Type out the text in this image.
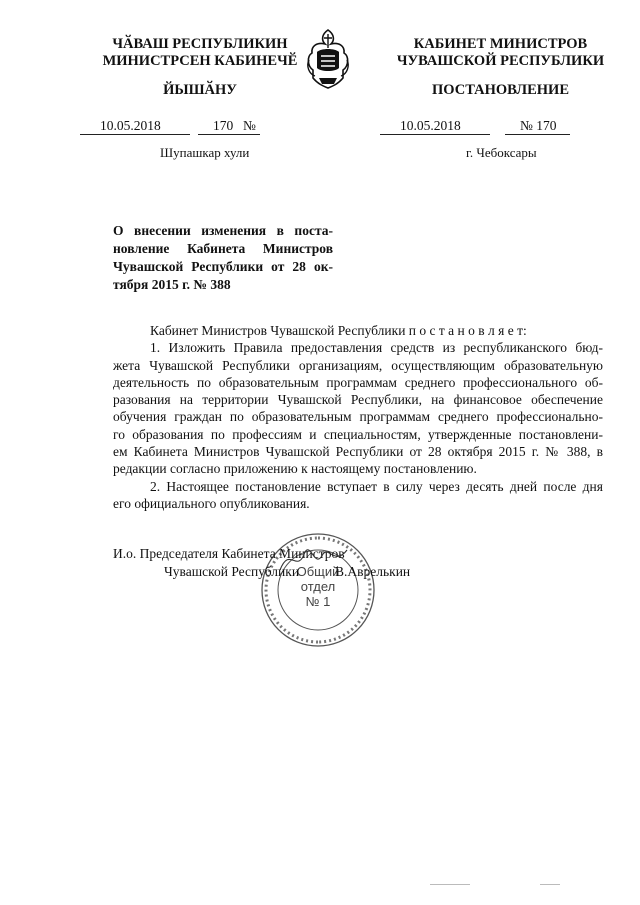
ЧӐВАШ РЕСПУБЛИКИН
МИНИСТРСЕН КАБИНЕЧӖ
ЙЫШӐНУ
КАБИНЕТ МИНИСТРОВ
ЧУВАШСКОЙ РЕСПУБЛИКИ
ПОСТАНОВЛЕНИЕ
10.05.2018	170 №	10.05.2018	№ 170
Шупашкар хули	г. Чебоксары
О внесении изменения в поста-
новление Кабинета Министров
Чувашской Республики от 28 ок-
тября 2015 г. № 388
Кабинет Министров Чувашской Республики п о с т а н о в л я е т:
1. Изложить Правила предоставления средств из республиканского бюд-
жета Чувашской Республики организациям, осуществляющим образовательную
деятельность по образовательным программам среднего профессионального об-
разования на территории Чувашской Республики, на финансовое обеспечение
обучения граждан по образовательным программам среднего профессионально-
го образования по профессиям и специальностям, утвержденные постановлени-
ем Кабинета Министров Чувашской Республики от 28 октября 2015 г. № 388, в
редакции согласно приложению к настоящему постановлению.
2. Настоящее постановление вступает в силу через десять дней после дня
его официального опубликования.
Общий
отдел
№ 1
И.о. Председателя Кабинета Министров
Чувашской Республики	В.Аврелькин
